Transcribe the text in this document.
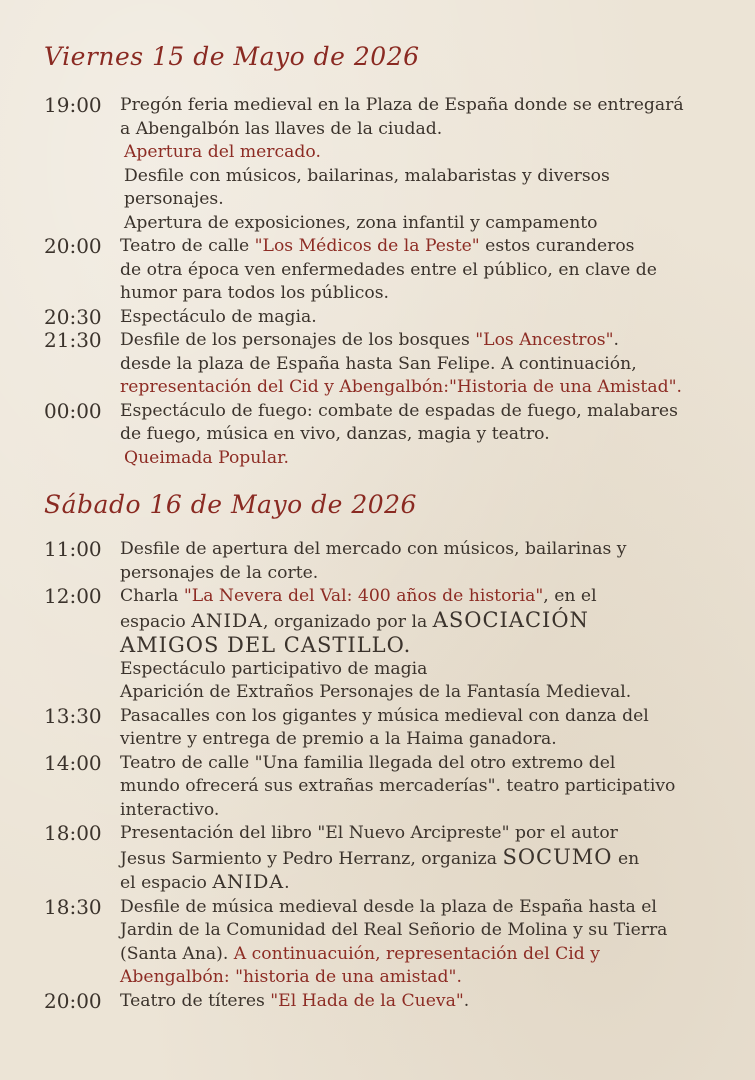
Viernes 15 de Mayo de 2026
19:00	Pregón feria medieval en la Plaza de España donde se entregará
a Abengalbón las llaves de la ciudad.
Apertura del mercado.
Desfile con músicos, bailarinas, malabaristas y diversos
personajes.
Apertura de exposiciones, zona infantil y campamento
20:00	Teatro de calle "Los Médicos de la Peste" estos curanderos
de otra época ven enfermedades entre el público, en clave de
humor para todos los públicos.
20:30	Espectáculo de magia.
21:30	Desfile de los personajes de los bosques "Los Ancestros".
desde la plaza de España hasta San Felipe. A continuación,
representación del Cid y Abengalbón:"Historia de una Amistad".
00:00	Espectáculo de fuego: combate de espadas de fuego, malabares
de fuego, música en vivo, danzas, magia y teatro.
Queimada Popular.
Sábado 16 de Mayo de 2026
11:00	Desfile de apertura del mercado con músicos, bailarinas y
personajes de la corte.
12:00	Charla "La Nevera del Val: 400 años de historia", en el
espacio ANIDA, organizado por la ASOCIACIÓN
AMIGOS DEL CASTILLO.
Espectáculo participativo de magia
Aparición de Extraños Personajes de la Fantasía Medieval.
13:30	Pasacalles con los gigantes y música medieval con danza del
vientre y entrega de premio a la Haima ganadora.
14:00	Teatro de calle "Una familia llegada del otro extremo del
mundo ofrecerá sus extrañas mercaderías". teatro participativo
interactivo.
18:00	Presentación del libro "El Nuevo Arcipreste" por el autor
Jesus Sarmiento y Pedro Herranz, organiza SOCUMO en
el espacio ANIDA.
18:30	Desfile de música medieval desde la plaza de España hasta el
Jardin de la Comunidad del Real Señorio de Molina y su Tierra
(Santa Ana). A continuacuión, representación del Cid y
Abengalbón: "historia de una amistad".
20:00	Teatro de títeres "El Hada de la Cueva".
